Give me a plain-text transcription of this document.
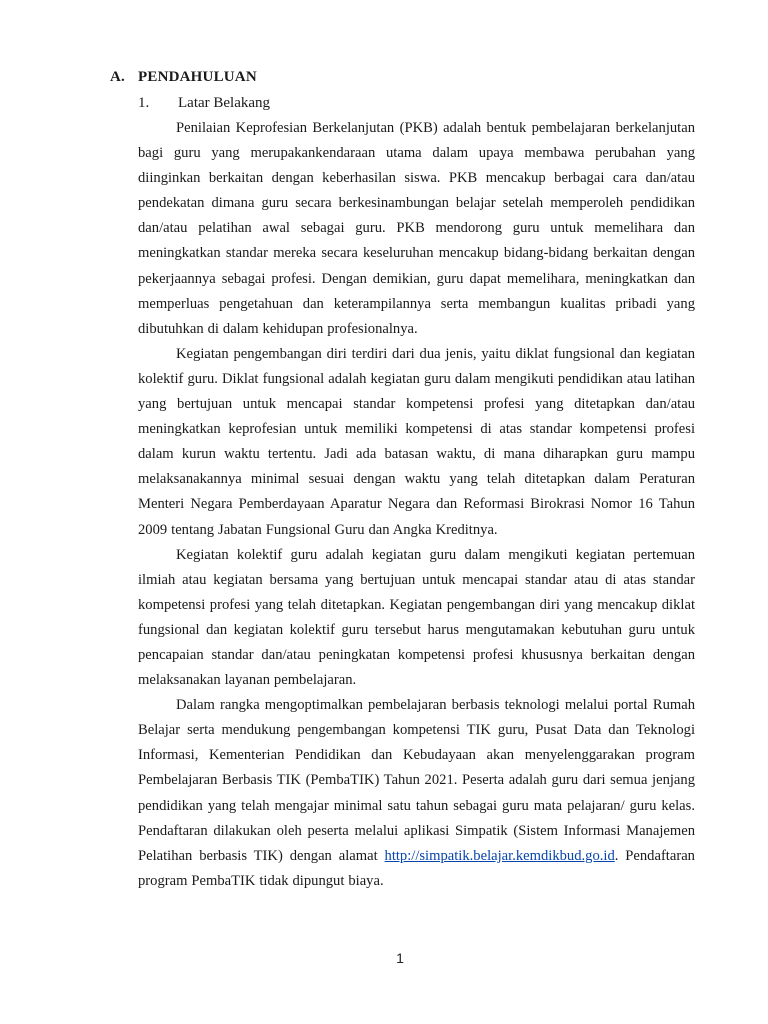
A. PENDAHULUAN
1. Latar Belakang

Penilaian Keprofesian Berkelanjutan (PKB) adalah bentuk pembelajaran berkelanjutan bagi guru yang merupakankendaraan utama dalam upaya membawa perubahan yang diinginkan berkaitan dengan keberhasilan siswa. PKB mencakup berbagai cara dan/atau pendekatan dimana guru secara berkesinambungan belajar setelah memperoleh pendidikan dan/atau pelatihan awal sebagai guru. PKB mendorong guru untuk memelihara dan meningkatkan standar mereka secara keseluruhan mencakup bidang-bidang berkaitan dengan pekerjaannya sebagai profesi. Dengan demikian, guru dapat memelihara, meningkatkan dan memperluas pengetahuan dan keterampilannya serta membangun kualitas pribadi yang dibutuhkan di dalam kehidupan profesionalnya.

Kegiatan pengembangan diri terdiri dari dua jenis, yaitu diklat fungsional dan kegiatan kolektif guru. Diklat fungsional adalah kegiatan guru dalam mengikuti pendidikan atau latihan yang bertujuan untuk mencapai standar kompetensi profesi yang ditetapkan dan/atau meningkatkan keprofesian untuk memiliki kompetensi di atas standar kompetensi profesi dalam kurun waktu tertentu. Jadi ada batasan waktu, di mana diharapkan guru mampu melaksanakannya minimal sesuai dengan waktu yang telah ditetapkan dalam Peraturan Menteri Negara Pemberdayaan Aparatur Negara dan Reformasi Birokrasi Nomor 16 Tahun 2009 tentang Jabatan Fungsional Guru dan Angka Kreditnya.

Kegiatan kolektif guru adalah kegiatan guru dalam mengikuti kegiatan pertemuan ilmiah atau kegiatan bersama yang bertujuan untuk mencapai standar atau di atas standar kompetensi profesi yang telah ditetapkan. Kegiatan pengembangan diri yang mencakup diklat fungsional dan kegiatan kolektif guru tersebut harus mengutamakan kebutuhan guru untuk pencapaian standar dan/atau peningkatan kompetensi profesi khususnya berkaitan dengan melaksanakan layanan pembelajaran.

Dalam rangka mengoptimalkan pembelajaran berbasis teknologi melalui portal Rumah Belajar serta mendukung pengembangan kompetensi TIK guru, Pusat Data dan Teknologi Informasi, Kementerian Pendidikan dan Kebudayaan akan menyelenggarakan program Pembelajaran Berbasis TIK (PembaTIK) Tahun 2021. Peserta adalah guru dari semua jenjang pendidikan yang telah mengajar minimal satu tahun sebagai guru mata pelajaran/ guru kelas. Pendaftaran dilakukan oleh peserta melalui aplikasi Simpatik (Sistem Informasi Manajemen Pelatihan berbasis TIK) dengan alamat http://simpatik.belajar.kemdikbud.go.id. Pendaftaran program PembaTIK tidak dipungut biaya.

1
